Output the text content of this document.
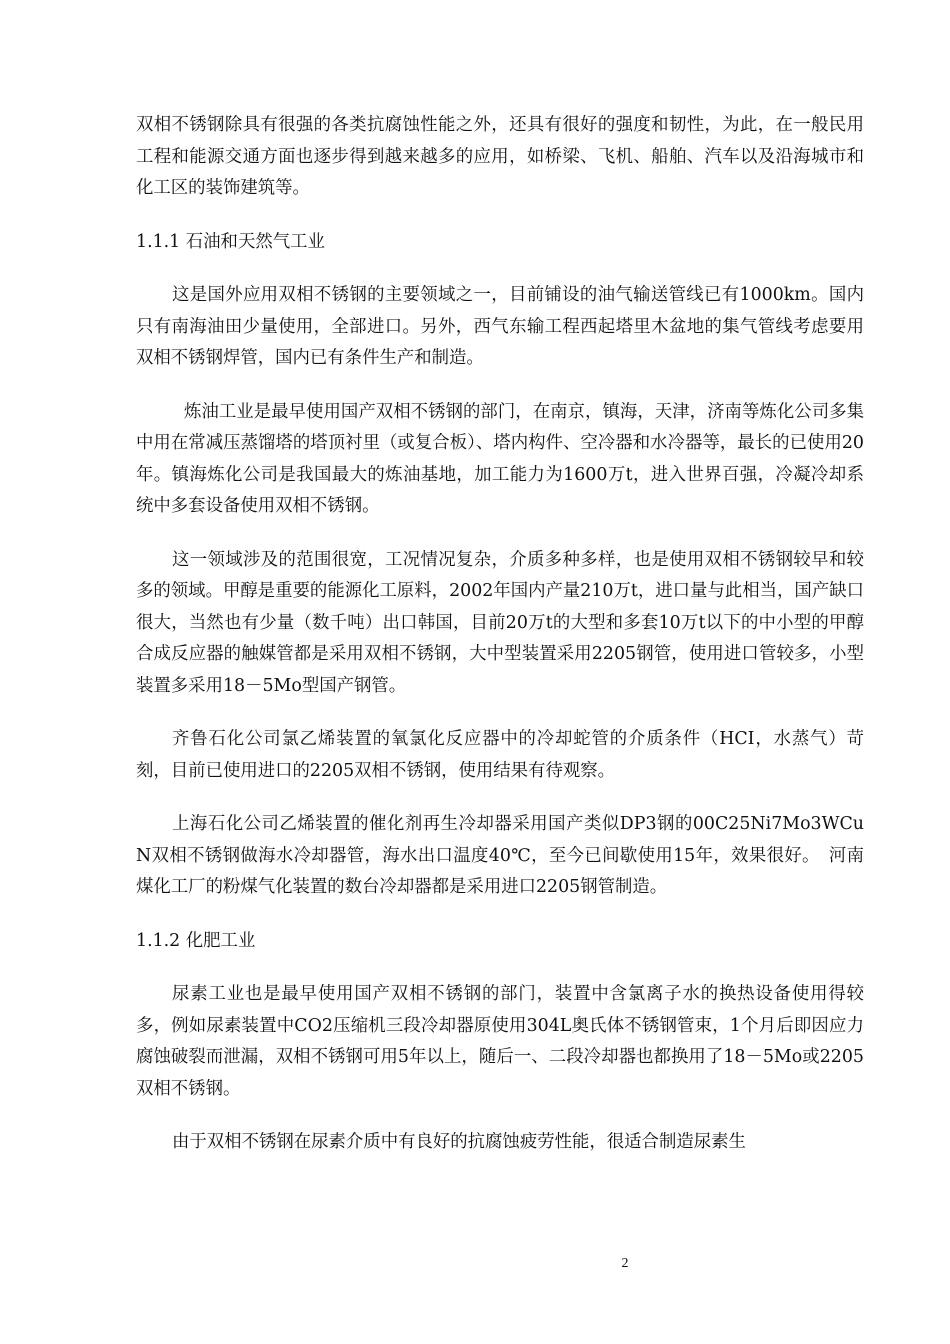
双相不锈钢除具有很强的各类抗腐蚀性能之外，还具有很好的强度和韧性，为此，在一般民用工程和能源交通方面也逐步得到越来越多的应用，如桥梁、飞机、船舶、汽车以及沿海城市和化工区的装饰建筑等。

1.1.1 石油和天然气工业

这是国外应用双相不锈钢的主要领域之一，目前铺设的油气输送管线已有1000km。国内只有南海油田少量使用，全部进口。另外，西气东输工程西起塔里木盆地的集气管线考虑要用双相不锈钢焊管，国内已有条件生产和制造。

炼油工业是最早使用国产双相不锈钢的部门，在南京，镇海，天津，济南等炼化公司多集中用在常减压蒸馏塔的塔顶衬里（或复合板）、塔内构件、空冷器和水冷器等，最长的已使用20年。镇海炼化公司是我国最大的炼油基地，加工能力为1600万t，进入世界百强，冷凝冷却系统中多套设备使用双相不锈钢。

这一领域涉及的范围很宽，工况情况复杂，介质多种多样，也是使用双相不锈钢较早和较多的领域。甲醇是重要的能源化工原料，2002年国内产量210万t，进口量与此相当，国产缺口很大，当然也有少量（数千吨）出口韩国，目前20万t的大型和多套10万t以下的中小型的甲醇合成反应器的触媒管都是采用双相不锈钢，大中型装置采用2205钢管，使用进口管较多，小型装置多采用18－5Mo型国产钢管。

齐鲁石化公司氯乙烯装置的氧氯化反应器中的冷却蛇管的介质条件（HCI，水蒸气）苛刻，目前已使用进口的2205双相不锈钢，使用结果有待观察。

上海石化公司乙烯装置的催化剂再生冷却器采用国产类似DP3钢的00C25Ni7Mo3WCuN双相不锈钢做海水冷却器管，海水出口温度40℃，至今已间歇使用15年，效果很好。　河南煤化工厂的粉煤气化装置的数台冷却器都是采用进口2205钢管制造。

1.1.2 化肥工业

尿素工业也是最早使用国产双相不锈钢的部门，装置中含氯离子水的换热设备使用得较多，例如尿素装置中CO2压缩机三段冷却器原使用304L奥氏体不锈钢管束，1个月后即因应力腐蚀破裂而泄漏，双相不锈钢可用5年以上，随后一、二段冷却器也都换用了18－5Mo或2205双相不锈钢。

由于双相不锈钢在尿素介质中有良好的抗腐蚀疲劳性能，很适合制造尿素生

2
